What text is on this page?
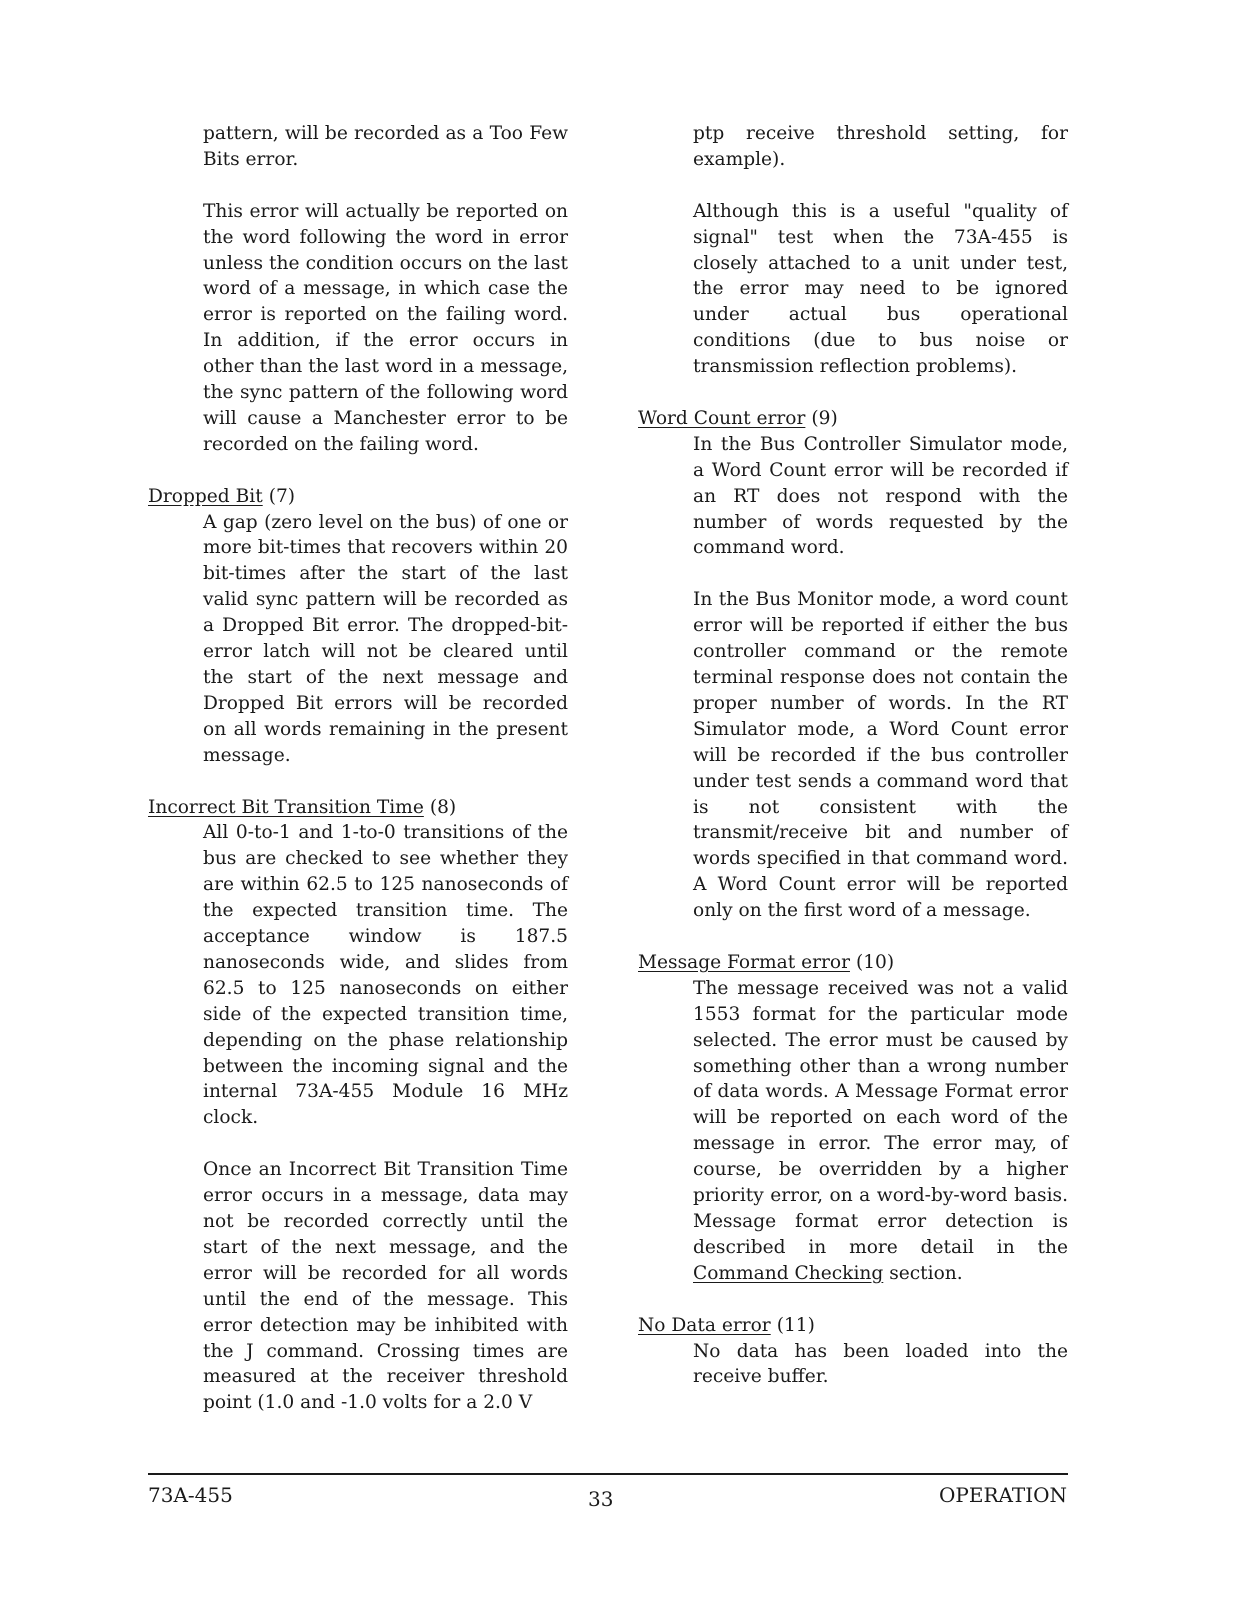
pattern, will be recorded as a Too Few Bits error.

This error will actually be reported on the word following the word in error unless the condition occurs on the last word of a message, in which case the error is reported on the failing word. In addition, if the error occurs in other than the last word in a message, the sync pattern of the following word will cause a Manchester error to be recorded on the failing word.

Dropped Bit (7)

A gap (zero level on the bus) of one or more bit-times that recovers within 20 bit-times after the start of the last valid sync pattern will be recorded as a Dropped Bit error. The dropped-bit-error latch will not be cleared until the start of the next message and Dropped Bit errors will be recorded on all words remaining in the present message.

Incorrect Bit Transition Time (8)

All 0-to-1 and 1-to-0 transitions of the bus are checked to see whether they are within 62.5 to 125 nanoseconds of the expected transition time. The acceptance window is 187.5 nanoseconds wide, and slides from 62.5 to 125 nanoseconds on either side of the expected transition time, depending on the phase relationship between the incoming signal and the internal 73A-455 Module 16 MHz clock.

Once an Incorrect Bit Transition Time error occurs in a message, data may not be recorded correctly until the start of the next message, and the error will be recorded for all words until the end of the message. This error detection may be inhibited with the J command. Crossing times are measured at the receiver threshold point (1.0 and -1.0 volts for a 2.0 V

ptp receive threshold setting, for example).

Although this is a useful "quality of signal" test when the 73A-455 is closely attached to a unit under test, the error may need to be ignored under actual bus operational conditions (due to bus noise or transmission reflection problems).

Word Count error (9)

In the Bus Controller Simulator mode, a Word Count error will be recorded if an RT does not respond with the number of words requested by the command word.

In the Bus Monitor mode, a word count error will be reported if either the bus controller command or the remote terminal response does not contain the proper number of words. In the RT Simulator mode, a Word Count error will be recorded if the bus controller under test sends a command word that is not consistent with the transmit/receive bit and number of words specified in that command word. A Word Count error will be reported only on the first word of a message.

Message Format error (10)

The message received was not a valid 1553 format for the particular mode selected. The error must be caused by something other than a wrong number of data words. A Message Format error will be reported on each word of the message in error. The error may, of course, be overridden by a higher priority error, on a word-by-word basis. Message format error detection is described in more detail in the Command Checking section.

No Data error (11)

No data has been loaded into the receive buffer.

73A-455	33	OPERATION
